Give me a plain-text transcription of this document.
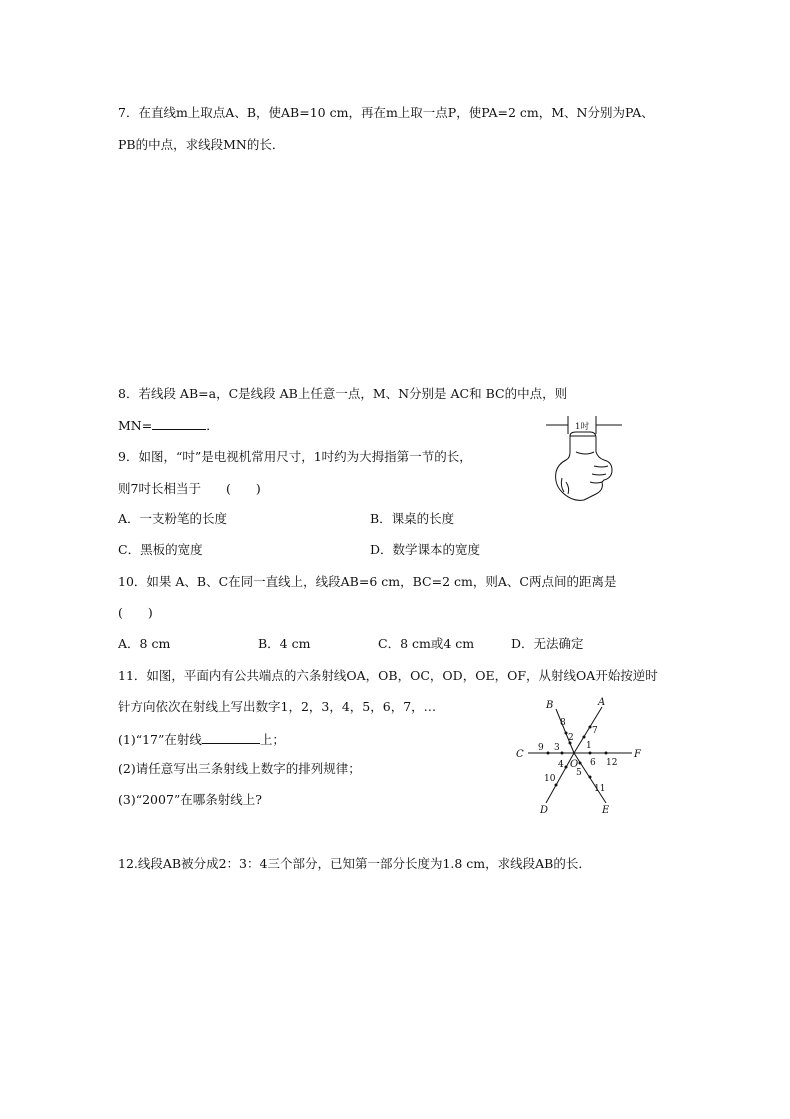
7．在直线m上取点A、B，使AB=10 cm，再在m上取一点P，使PA=2 cm，M、N分别为PA、
PB的中点，求线段MN的长．
8．若线段 AB=a，C是线段 AB上任意一点，M、N分别是 AC和 BC的中点，则
MN=	．
9．如图，“吋”是电视机常用尺寸，1吋约为大拇指第一节的长，
则7吋长相当于　　(　　)
1吋
A．一支粉笔的长度	B．课桌的长度
C．黑板的宽度	D．数学课本的宽度
10．如果 A、B、C在同一直线上，线段AB=6 cm，BC=2 cm，则A、C两点间的距离是
(　　)
A．8 cm	B．4 cm	C．8 cm或4 cm	D．无法确定
11．如图，平面内有公共端点的六条射线OA，OB，OC，OD，OE，OF，从射线OA开始按逆时
针方向依次在射线上写出数字1，2，3，4，5，6，7，…
(1)“17”在射线	上；
(2)请任意写出三条射线上数字的排列规律；
(3)“2007”在哪条射线上?
A
B
C
D	E
F
O
1
2
3
4
5
6
7
8
9
10
11
12
12.线段AB被分成2：3：4三个部分，已知第一部分长度为1.8 cm，求线段AB的长．
